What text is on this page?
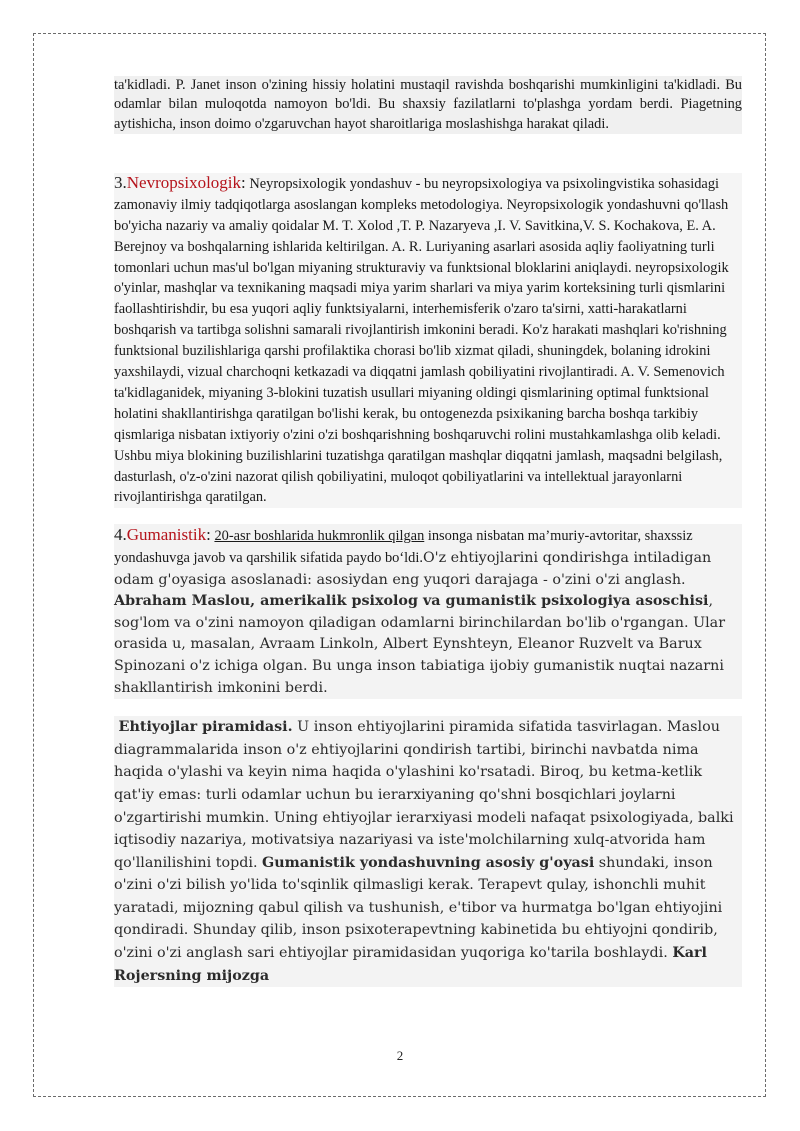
ta'kidladi. P. Janet inson o'zining hissiy holatini mustaqil ravishda boshqarishi mumkinligini ta'kidladi. Bu odamlar bilan muloqotda namoyon bo'ldi. Bu shaxsiy fazilatlarni to'plashga yordam berdi. Piagetning aytishicha, inson doimo o'zgaruvchan hayot sharoitlariga moslashishga harakat qiladi.

3.Nevropsixologik: Neyropsixologik yondashuv - bu neyropsixologiya va psixolingvistika sohasidagi zamonaviy ilmiy tadqiqotlarga asoslangan kompleks metodologiya. Neyropsixologik yondashuvni qo'llash bo'yicha nazariy va amaliy qoidalar M. T. Xolod ,T. P. Nazaryeva ,I. V. Savitkina,V. S. Kochakova, E. A. Berejnoy va boshqalarning ishlarida keltirilgan. A. R. Luriyaning asarlari asosida aqliy faoliyatning turli tomonlari uchun mas'ul bo'lgan miyaning strukturaviy va funktsional bloklarini aniqlaydi. neyropsixologik o'yinlar, mashqlar va texnikaning maqsadi miya yarim sharlari va miya yarim korteksining turli qismlarini faollashtirishdir, bu esa yuqori aqliy funktsiyalarni, interhemisferik o'zaro ta'sirni, xatti-harakatlarni boshqarish va tartibga solishni samarali rivojlantirish imkonini beradi. Ko'z harakati mashqlari ko'rishning funktsional buzilishlariga qarshi profilaktika chorasi bo'lib xizmat qiladi, shuningdek, bolaning idrokini yaxshilaydi, vizual charchoqni ketkazadi va diqqatni jamlash qobiliyatini rivojlantiradi. A. V. Semenovich ta'kidlaganidek, miyaning 3-blokini tuzatish usullari miyaning oldingi qismlarining optimal funktsional holatini shakllantirishga qaratilgan bo'lishi kerak, bu ontogenezda psixikaning barcha boshqa tarkibiy qismlariga nisbatan ixtiyoriy o'zini o'zi boshqarishning boshqaruvchi rolini mustahkamlashga olib keladi. Ushbu miya blokining buzilishlarini tuzatishga qaratilgan mashqlar diqqatni jamlash, maqsadni belgilash, dasturlash, o'z-o'zini nazorat qilish qobiliyatini, muloqot qobiliyatlarini va intellektual jarayonlarni rivojlantirishga qaratilgan.

4.Gumanistik: 20-asr boshlarida hukmronlik qilgan insonga nisbatan ma’muriy-avtoritar, shaxssiz yondashuvga javob va qarshilik sifatida paydo bo‘ldi.O'z ehtiyojlarini qondirishga intiladigan odam g'oyasiga asoslanadi: asosiydan eng yuqori darajaga - o'zini o'zi anglash. Abraham Maslou, amerikalik psixolog va gumanistik psixologiya asoschisi, sog'lom va o'zini namoyon qiladigan odamlarni birinchilardan bo'lib o'rgangan. Ular orasida u, masalan, Avraam Linkoln, Albert Eynshteyn, Eleanor Ruzvelt va Barux Spinozani o'z ichiga olgan. Bu unga inson tabiatiga ijobiy gumanistik nuqtai nazarni shakllantirish imkonini berdi.

Ehtiyojlar piramidasi. U inson ehtiyojlarini piramida sifatida tasvirlagan. Maslou diagrammalarida inson o'z ehtiyojlarini qondirish tartibi, birinchi navbatda nima haqida o'ylashi va keyin nima haqida o'ylashini ko'rsatadi. Biroq, bu ketma-ketlik qat'iy emas: turli odamlar uchun bu ierarxiyaning qo'shni bosqichlari joylarni o'zgartirishi mumkin. Uning ehtiyojlar ierarxiyasi modeli nafaqat psixologiyada, balki iqtisodiy nazariya, motivatsiya nazariyasi va iste'molchilarning xulq-atvorida ham qo'llanilishini topdi. Gumanistik yondashuvning asosiy g'oyasi shundaki, inson o'zini o'zi bilish yo'lida to'sqinlik qilmasligi kerak. Terapevt qulay, ishonchli muhit yaratadi, mijozning qabul qilish va tushunish, e'tibor va hurmatga bo'lgan ehtiyojini qondiradi. Shunday qilib, inson psixoterapevtning kabinetida bu ehtiyojni qondirib, o'zini o'zi anglash sari ehtiyojlar piramidasidan yuqoriga ko'tarila boshlaydi. Karl Rojersning mijozga

2
